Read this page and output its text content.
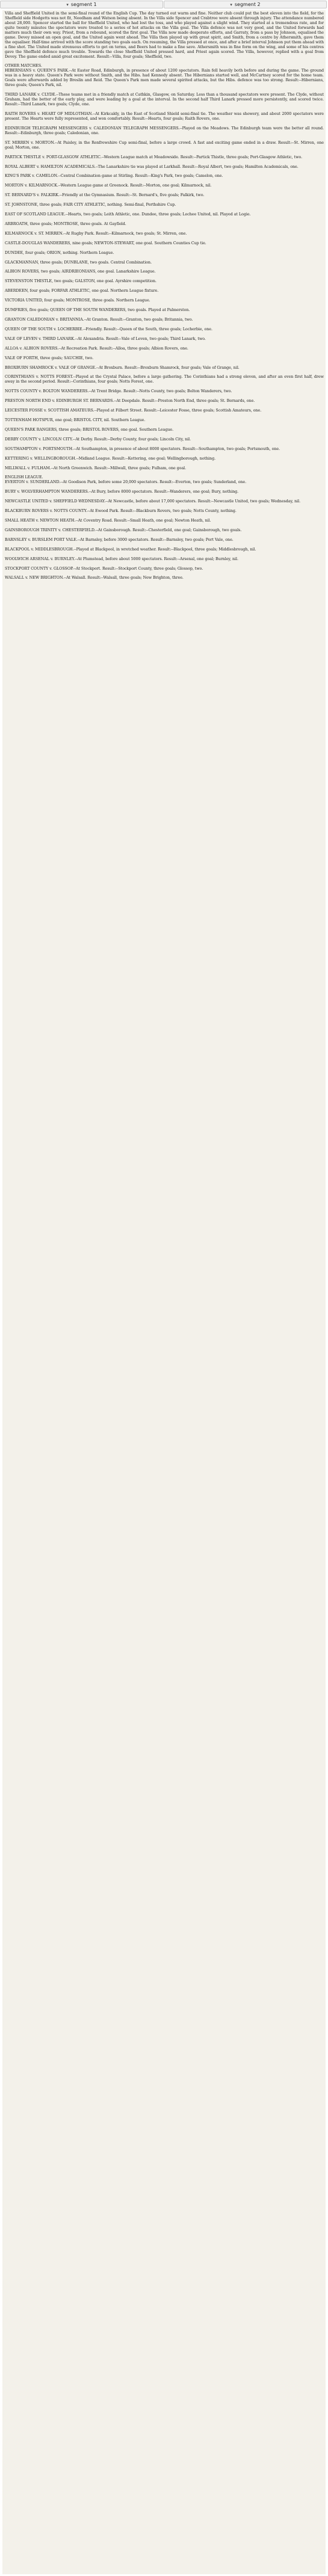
▾ segment 1	▾ segment 2

Villa and Sheffield United in the semi-final round of the English Cup. The day turned out warm and fine. Neither club could put the best eleven into the field, for the Sheffield side Hodgetts was not fit, Needham and Watson being absent. In the Villa side Spencer and Crabtree were absent through injury. The attendance numbered about 28,000. Spencer started the ball for Sheffield United, who had lost the toss, and who played against a slight wind. They started at a tremendous rate, and for quite twenty minutes the spectators were treated to a series of hot attacks on the Villa goal. The Villa defence was not very good, and the United forwards had matters much their own way. Priest, from a rebound, scored the first goal. The Villa now made desperate efforts, and Garraty, from a pass by Johnson, equalised the game. Devey missed an open goal, and the United again went ahead. The Villa then played up with great spirit, and Smith, from a centre by Athersmith, gave them the equaliser. Half-time arrived with the score standing two goals each. On resuming, the Villa pressed at once, and after a brief interval Johnson put them ahead with a fine shot. The United made strenuous efforts to get on terms, and Beers had to make a fine save. Athersmith was in fine form on the wing, and some of his centres gave the Sheffield defence much trouble. Towards the close Sheffield United pressed hard, and Priest again scored. The Villa, however, replied with a goal from Devey. The game ended amid great excitement. Result:--Villa, four goals; Sheffield, two.

OTHER MATCHES.
HIBERNIANS v. QUEEN'S PARK.--At Easter Road, Edinburgh, in presence of about 1200 spectators. Rain fell heavily both before and during the game. The ground was in a heavy state. Queen's Park were without Smith, and the Hibs. had Kennedy absent. The Hibernians started well, and McCartney scored for the home team. Goals were afterwards added by Breslin and Reid. The Queen's Park men made several spirited attacks, but the Hibs. defence was too strong. Result:--Hibernians, three goals; Queen's Park, nil.

THIRD LANARK v. CLYDE.--These teams met in a friendly match at Cathkin, Glasgow, on Saturday. Less than a thousand spectators were present. The Clyde, without Graham, had the better of the early play, and were leading by a goal at the interval. In the second half Third Lanark pressed more persistently, and scored twice. Result:--Third Lanark, two goals; Clyde, one.

RAITH ROVERS v. HEART OF MIDLOTHIAN.--At Kirkcaldy, in the East of Scotland Shield semi-final tie. The weather was showery, and about 2000 spectators were present. The Hearts were fully represented, and won comfortably. Result:--Hearts, four goals; Raith Rovers, one.

EDINBURGH TELEGRAPH MESSENGERS v. CALEDONIAN TELEGRAPH MESSENGERS.--Played on the Meadows. The Edinburgh team were the better all round. Result:--Edinburgh, three goals; Caledonian, one.

ST. MIRREN v. MORTON.--At Paisley, in the Renfrewshire Cup semi-final, before a large crowd. A fast and exciting game ended in a draw. Result:--St. Mirren, one goal; Morton, one.

PARTICK THISTLE v. PORT-GLASGOW ATHLETIC.--Western League match at Meadowside. Result:--Partick Thistle, three goals; Port-Glasgow Athletic, two.

ROYAL ALBERT v. HAMILTON ACADEMICALS.--The Lanarkshire tie was played at Larkhall. Result:--Royal Albert, two goals; Hamilton Academicals, one.

KING'S PARK v. CAMELON.--Central Combination game at Stirling. Result:--King's Park, two goals; Camelon, one.

MORTON v. KILMARNOCK.--Western League game at Greenock. Result:--Morton, one goal; Kilmarnock, nil.

ST. BERNARD'S v. FALKIRK.--Friendly at the Gymnasium. Result:--St. Bernard's, five goals; Falkirk, two.

ST. JOHNSTONE, three goals; FAIR CITY ATHLETIC, nothing. Semi-final, Perthshire Cup.

EAST OF SCOTLAND LEAGUE.--Hearts, two goals; Leith Athletic, one. Dundee, three goals; Lochee United, nil. Played at Logie.

ARBROATH, three goals; MONTROSE, three goals. At Gayfield.

KILMARNOCK v. ST. MIRREN.--At Rugby Park. Result:--Kilmarnock, two goals; St. Mirren, one.

CASTLE-DOUGLAS WANDERERS, nine goals; NEWTON-STEWART, one goal. Southern Counties Cup tie.

DUNDEE, four goals; ORION, nothing. Northern League.

GLACKMANNAN, three goals; DUNBLANE, two goals. Central Combination.

ALBION ROVERS, two goals; AIRDRIEONIANS, one goal. Lanarkshire League.

STEVENSTON THISTLE, two goals; GALSTON, one goal. Ayrshire competition.

ABERDEEN, four goals; FORFAR ATHLETIC, one goal. Northern League fixture.

VICTORIA UNITED, four goals; MONTROSE, three goals. Northern League.

DUMFRIES, five goals; QUEEN OF THE SOUTH WANDERERS, two goals. Played at Palmerston.

GRANTON CALEDONIAN v. BRITANNIA.--At Granton. Result:--Granton, two goals; Britannia, two.

QUEEN OF THE SOUTH v. LOCHERBIE.--Friendly. Result:--Queen of the South, three goals; Locherbie, one.

VALE OF LEVEN v. THIRD LANARK.--At Alexandria. Result:--Vale of Leven, two goals; Third Lanark, two.

ALLOA v. ALBION ROVERS.--At Recreation Park. Result:--Alloa, three goals; Albion Rovers, one.

VALE OF FORTH, three goals; SAUCHIE, two.

BROXBURN SHAMROCK v. VALE OF GRANGE.--At Broxburn. Result:--Broxburn Shamrock, four goals; Vale of Grange, nil.

CORINTHIANS v. NOTTS FOREST.--Played at the Crystal Palace, before a large gathering. The Corinthians had a strong eleven, and after an even first half, drew away in the second period. Result:--Corinthians, four goals; Notts Forest, one.

NOTTS COUNTY v. BOLTON WANDERERS.--At Trent Bridge. Result:--Notts County, two goals; Bolton Wanderers, two.

PRESTON NORTH END v. EDINBURGH ST. BERNARDS.--At Deepdale. Result:--Preston North End, three goals; St. Bernards, one.

LEICESTER FOSSE v. SCOTTISH AMATEURS.--Played at Filbert Street. Result:--Leicester Fosse, three goals; Scottish Amateurs, one.

TOTTENHAM HOTSPUR, one goal; BRISTOL CITY, nil. Southern League.

QUEEN'S PARK RANGERS, three goals; BRISTOL ROVERS, one goal. Southern League.

DERBY COUNTY v. LINCOLN CITY.--At Derby. Result:--Derby County, four goals; Lincoln City, nil.

SOUTHAMPTON v. PORTSMOUTH.--At Southampton, in presence of about 8000 spectators. Result:--Southampton, two goals; Portsmouth, one.

KETTERING v. WELLINGBOROUGH.--Midland League. Result:--Kettering, one goal; Wellingborough, nothing.

MILLWALL v. FULHAM.--At North Greenwich. Result:--Millwall, three goals; Fulham, one goal.

ENGLISH LEAGUE.
EVERTON v. SUNDERLAND.--At Goodison Park, before some 20,000 spectators. Result:--Everton, two goals; Sunderland, one.

BURY v. WOLVERHAMPTON WANDERERS.--At Bury, before 8000 spectators. Result:--Wanderers, one goal; Bury, nothing.

NEWCASTLE UNITED v. SHEFFIELD WEDNESDAY.--At Newcastle, before about 17,000 spectators. Result:--Newcastle United, two goals; Wednesday, nil.

BLACKBURN ROVERS v. NOTTS COUNTY.--At Ewood Park. Result:--Blackburn Rovers, two goals; Notts County, nothing.

SMALL HEATH v. NEWTON HEATH.--At Coventry Road. Result:--Small Heath, one goal; Newton Heath, nil.

GAINSBOROUGH TRINITY v. CHESTERFIELD.--At Gainsborough. Result:--Chesterfield, one goal; Gainsborough, two goals.

BARNSLEY v. BURSLEM PORT VALE.--At Barnsley, before 3000 spectators. Result:--Barnsley, two goals; Port Vale, one.

BLACKPOOL v. MIDDLESBROUGH.--Played at Blackpool, in wretched weather. Result:--Blackpool, three goals; Middlesbrough, nil.

WOOLWICH ARSENAL v. BURNLEY.--At Plumstead, before about 5000 spectators. Result:--Arsenal, one goal; Burnley, nil.

STOCKPORT COUNTY v. GLOSSOP.--At Stockport. Result:--Stockport County, three goals; Glossop, two.

WALSALL v. NEW BRIGHTON.--At Walsall. Result:--Walsall, three goals; New Brighton, three.
